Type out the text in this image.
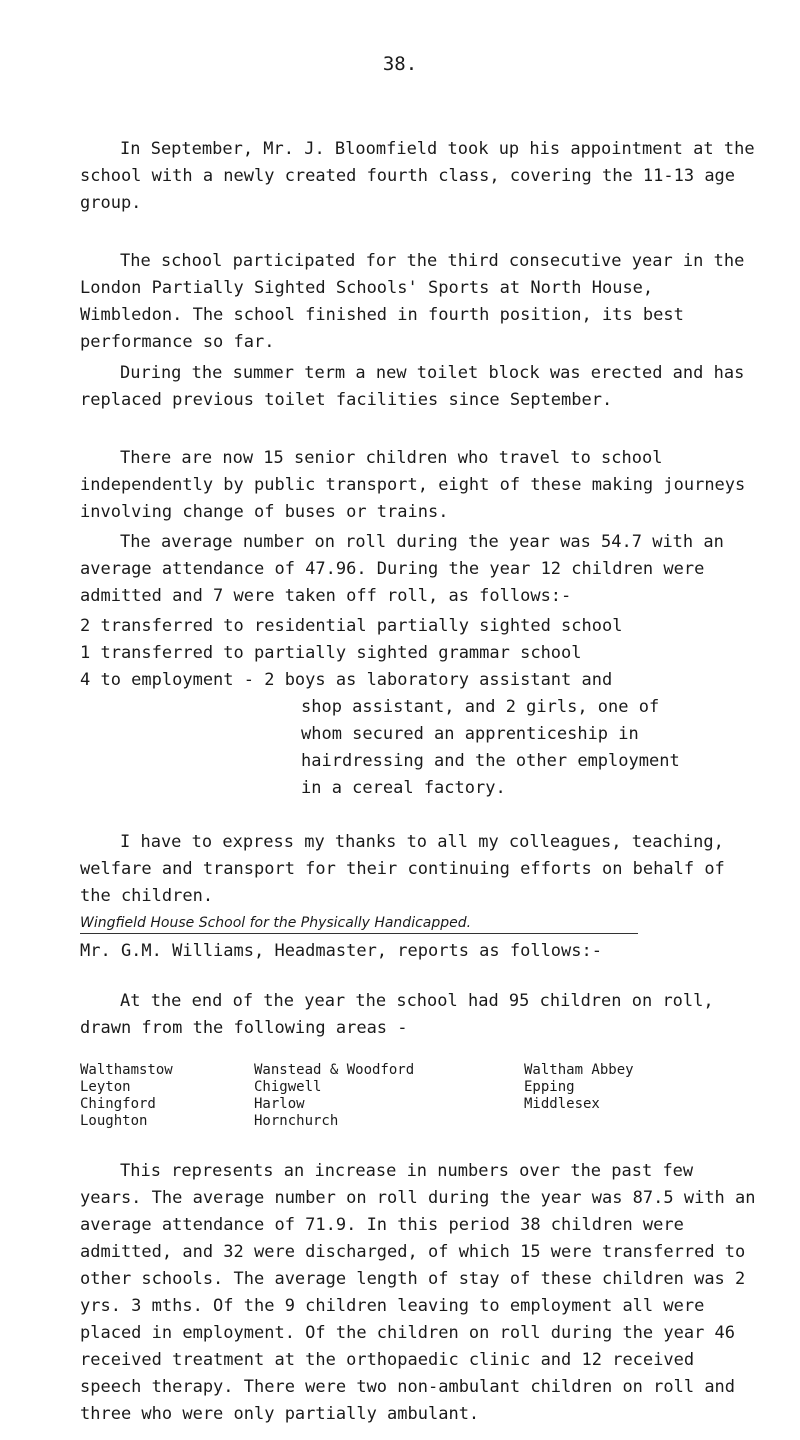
38.

In September, Mr. J. Bloomfield took up his appointment at the school with a newly created fourth class, covering the 11-13 age group.

The school participated for the third consecutive year in the London Partially Sighted Schools' Sports at North House, Wimbledon. The school finished in fourth position, its best performance so far.

During the summer term a new toilet block was erected and has replaced previous toilet facilities since September.

There are now 15 senior children who travel to school independently by public transport, eight of these making journeys involving change of buses or trains.

The average number on roll during the year was 54.7 with an average attendance of 47.96. During the year 12 children were admitted and 7 were taken off roll, as follows:-

2 transferred to residential partially sighted school
1 transferred to partially sighted grammar school
4 to employment - 2 boys as laboratory assistant and
shop assistant, and 2 girls, one of
whom secured an apprenticeship in
hairdressing and the other employment
in a cereal factory.

I have to express my thanks to all my colleagues, teaching, welfare and transport for their continuing efforts on behalf of the children.

Wingfield House School for the Physically Handicapped.

Mr. G.M. Williams, Headmaster, reports as follows:-

At the end of the year the school had 95 children on roll, drawn from the following areas -

Walthamstow
Leyton
Chingford
Loughton
Wanstead & Woodford
Chigwell
Harlow
Hornchurch
Waltham Abbey
Epping
Middlesex

This represents an increase in numbers over the past few years. The average number on roll during the year was 87.5 with an average attendance of 71.9. In this period 38 children were admitted, and 32 were discharged, of which 15 were transferred to other schools. The average length of stay of these children was 2 yrs. 3 mths. Of the 9 children leaving to employment all were placed in employment. Of the children on roll during the year 46 received treatment at the orthopaedic clinic and 12 received speech therapy. There were two non-ambulant children on roll and three who were only partially ambulant.
